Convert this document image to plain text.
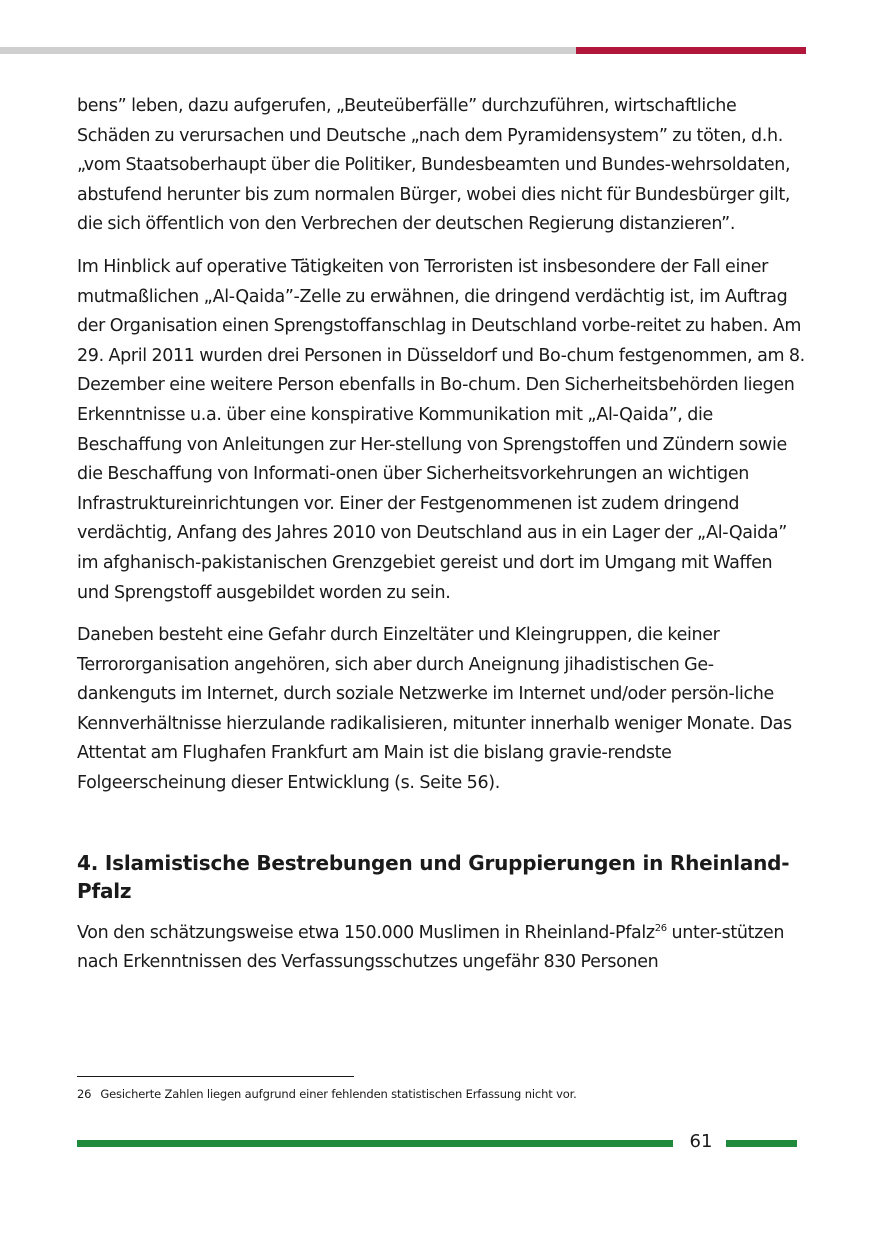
bens” leben, dazu aufgerufen, „Beuteüberfälle” durchzuführen, wirtschaftliche Schäden zu verursachen und Deutsche „nach dem Pyramidensystem” zu töten, d.h. „vom Staatsoberhaupt über die Politiker, Bundesbeamten und Bundes-wehrsoldaten, abstufend herunter bis zum normalen Bürger, wobei dies nicht für Bundesbürger gilt, die sich öffentlich von den Verbrechen der deutschen Regierung distanzieren”.

Im Hinblick auf operative Tätigkeiten von Terroristen ist insbesondere der Fall einer mutmaßlichen „Al-Qaida”-Zelle zu erwähnen, die dringend verdächtig ist, im Auftrag der Organisation einen Sprengstoffanschlag in Deutschland vorbe-reitet zu haben. Am 29. April 2011 wurden drei Personen in Düsseldorf und Bo-chum festgenommen, am 8. Dezember eine weitere Person ebenfalls in Bo-chum. Den Sicherheitsbehörden liegen Erkenntnisse u.a. über eine konspirative Kommunikation mit „Al-Qaida”, die Beschaffung von Anleitungen zur Her-stellung von Sprengstoffen und Zündern sowie die Beschaffung von Informati-onen über Sicherheitsvorkehrungen an wichtigen Infrastruktureinrichtungen vor. Einer der Festgenommenen ist zudem dringend verdächtig, Anfang des Jahres 2010 von Deutschland aus in ein Lager der „Al-Qaida” im afghanisch-pakistanischen Grenzgebiet gereist und dort im Umgang mit Waffen und Sprengstoff ausgebildet worden zu sein.

Daneben besteht eine Gefahr durch Einzeltäter und Kleingruppen, die keiner Terrororganisation angehören, sich aber durch Aneignung jihadistischen Ge-dankenguts im Internet, durch soziale Netzwerke im Internet und/oder persön-liche Kennverhältnisse hierzulande radikalisieren, mitunter innerhalb weniger Monate. Das Attentat am Flughafen Frankfurt am Main ist die bislang gravie-rendste Folgeerscheinung dieser Entwicklung (s. Seite 56).

4. Islamistische Bestrebungen und Gruppierungen in Rheinland-Pfalz

Von den schätzungsweise etwa 150.000 Muslimen in Rheinland-Pfalz$^{26}$ unter-stützen nach Erkenntnissen des Verfassungsschutzes ungefähr 830 Personen

26 Gesicherte Zahlen liegen aufgrund einer fehlenden statistischen Erfassung nicht vor.
61
